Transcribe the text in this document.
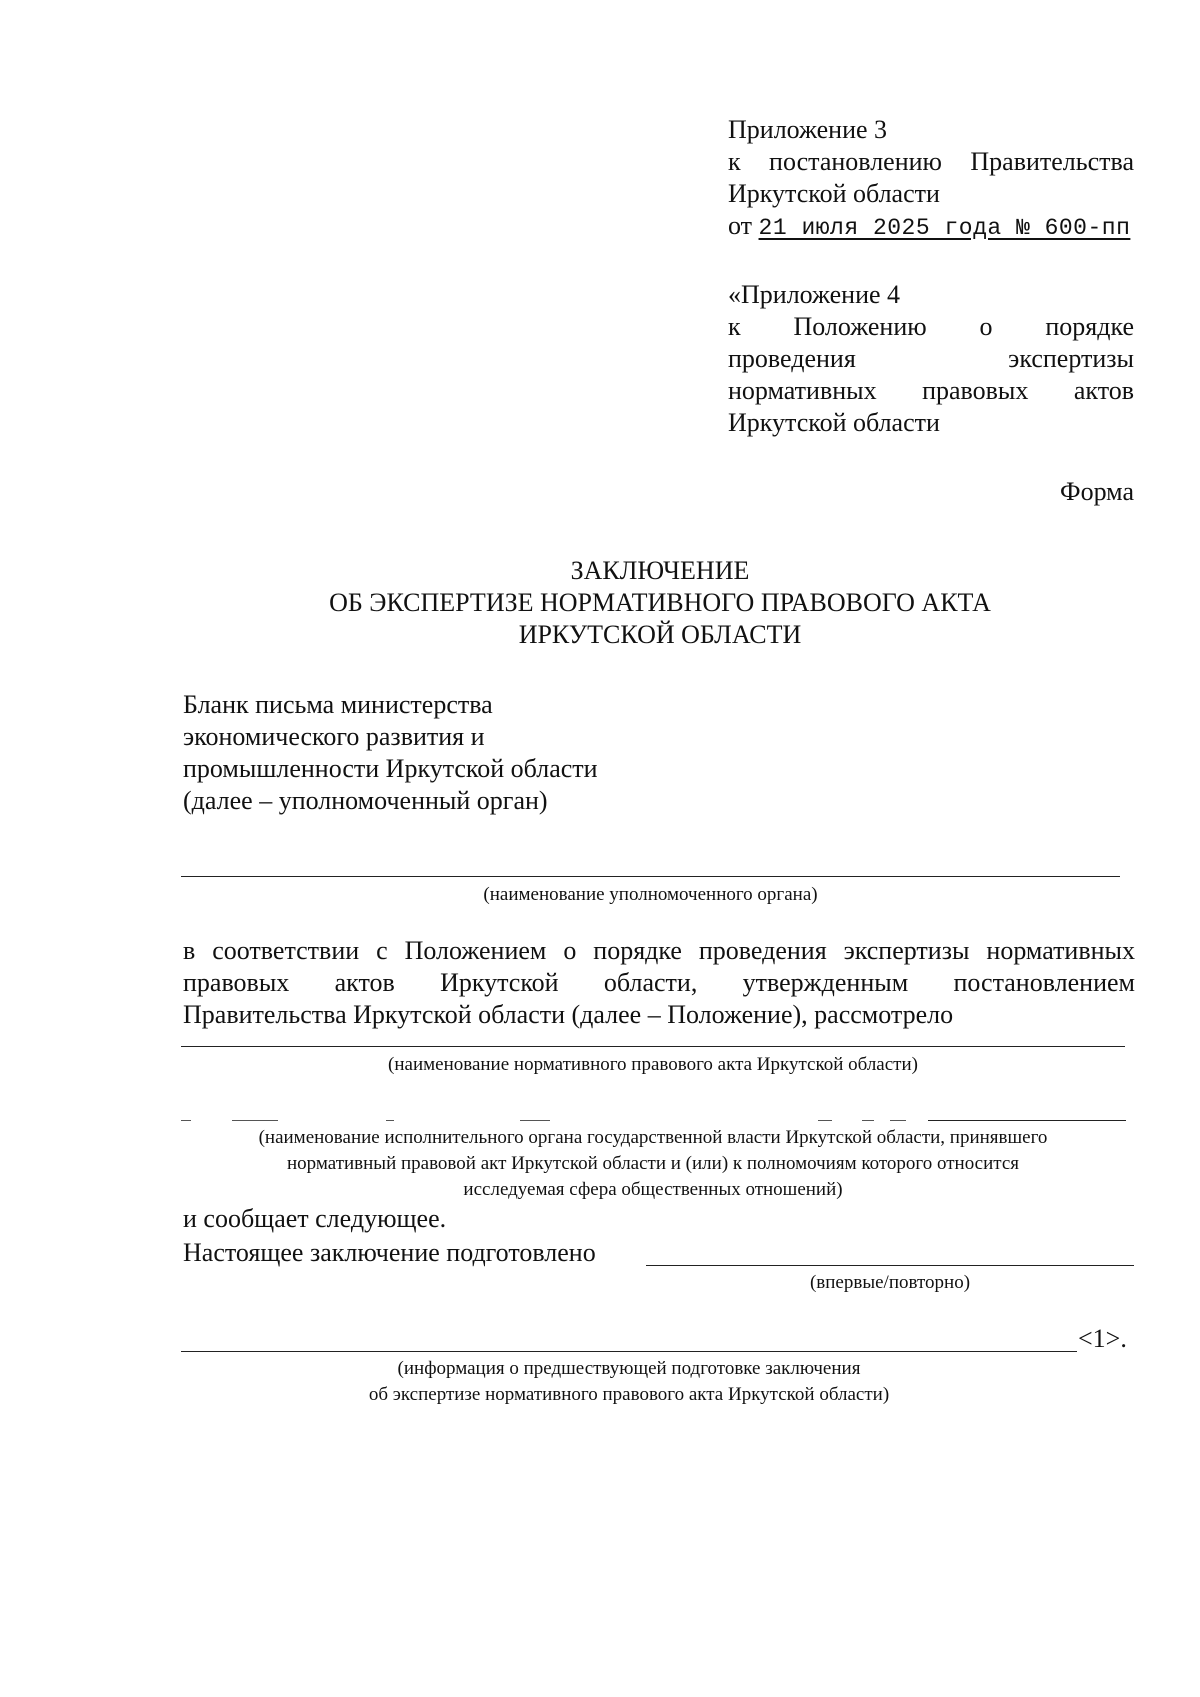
Приложение 3
к постановлению Правительства
Иркутской области
от 21 июля 2025 года № 600-пп
«Приложение 4
к Положению о порядке
проведения экспертизы
нормативных правовых актов
Иркутской области
Форма
ЗАКЛЮЧЕНИЕ
ОБ ЭКСПЕРТИЗЕ НОРМАТИВНОГО ПРАВОВОГО АКТА
ИРКУТСКОЙ ОБЛАСТИ
Бланк письма министерства
экономического развития и
промышленности Иркутской области
(далее – уполномоченный орган)
(наименование уполномоченного органа)
в соответствии с Положением о порядке проведения экспертизы нормативных
правовых актов Иркутской области, утвержденным постановлением
Правительства Иркутской области (далее – Положение), рассмотрело
(наименование нормативного правового акта Иркутской области)
(наименование исполнительного органа государственной власти Иркутской области, принявшего
нормативный правовой акт Иркутской области и (или) к полномочиям которого относится
исследуемая сфера общественных отношений)
и сообщает следующее.
Настоящее заключение подготовлено
(впервые/повторно)
<1>.
(информация о предшествующей подготовке заключения
об экспертизе нормативного правового акта Иркутской области)
